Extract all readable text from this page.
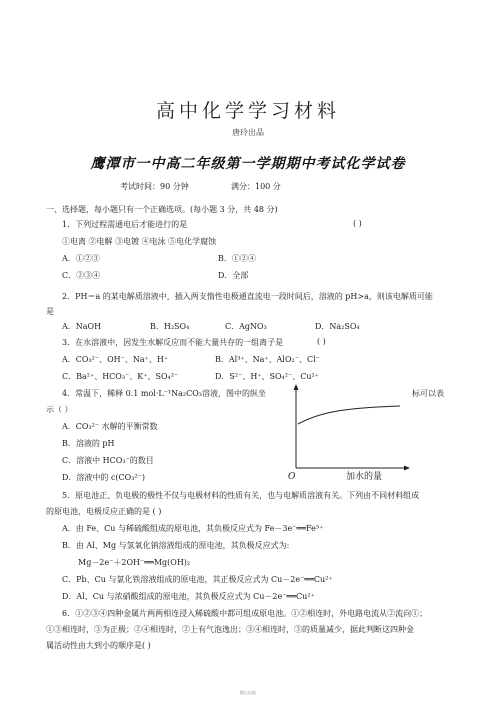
高中化学学习材料
唐玲出品
鹰潭市一中高二年级第一学期期中考试化学试卷
考试时间：90 分钟	满分：100 分
一、选择题，每小题只有一个正确选项。(每小题 3 分，共 48 分)
1．下列过程需通电后才能进行的是	( )
①电离 ②电解 ③电镀 ④电泳 ⑤电化学腐蚀
A．①②③	B．①②④
C．②③④	D．全部
2．PH＝a 的某电解质溶液中，插入两支惰性电极通直流电一段时间后，溶液的 pH>a，则该电解质可能
是
A．NaOH	B．H₂SO₄	C．AgNO₃	D．Na₂SO₄
3．在水溶液中，因发生水解反应而不能大量共存的一组离子是	( )
A．CO₃²⁻、OH⁻、Na⁺、H⁺	B．Al³⁺、Na⁺、AlO₂⁻、Cl⁻
C．Ba²⁺、HCO₃⁻、K⁺、SO₄²⁻	D．S²⁻、H⁺、SO₄²⁻、Cu²⁺
4．常温下，稀释 0.1 mol·L⁻¹Na₂CO₃溶液，图中的纵坐	标可以表
示（ ）
A．CO₃²⁻ 水解的平衡常数
B．溶液的 pH
C．溶液中 HCO₃⁻的数目
D．溶液中的 c(CO₃²⁻)	O	加水的量
5．原电池正、负电极的极性不仅与电极材料的性质有关，也与电解质溶液有关。下列由不同材料组成
的原电池，电极反应正确的是 ( )
A．由 Fe、Cu 与稀硫酸组成的原电池，其负极反应式为 Fe－3e⁻══Fe³⁺
B．由 Al、Mg 与氢氧化钠溶液组成的原电池，其负极反应式为:
Mg－2e⁻＋2OH⁻══Mg(OH)₂
C．Pb、Cu 与氯化铁溶液组成的原电池，其正极反应式为 Cu－2e⁻══Cu²⁺
D．Al、Cu 与浓硝酸组成的原电池，其负极反应式为 Cu－2e⁻══Cu²⁺
6．①②③④四种金属片两两相连浸入稀硫酸中都可组成原电池。①②相连时，外电路电流从②流向①；
①③相连时，③为正极；②④相连时，②上有气泡逸出；③④相连时，③的质量减少，据此判断这四种金
属活动性由大到小的顺序是( )
精心出品
